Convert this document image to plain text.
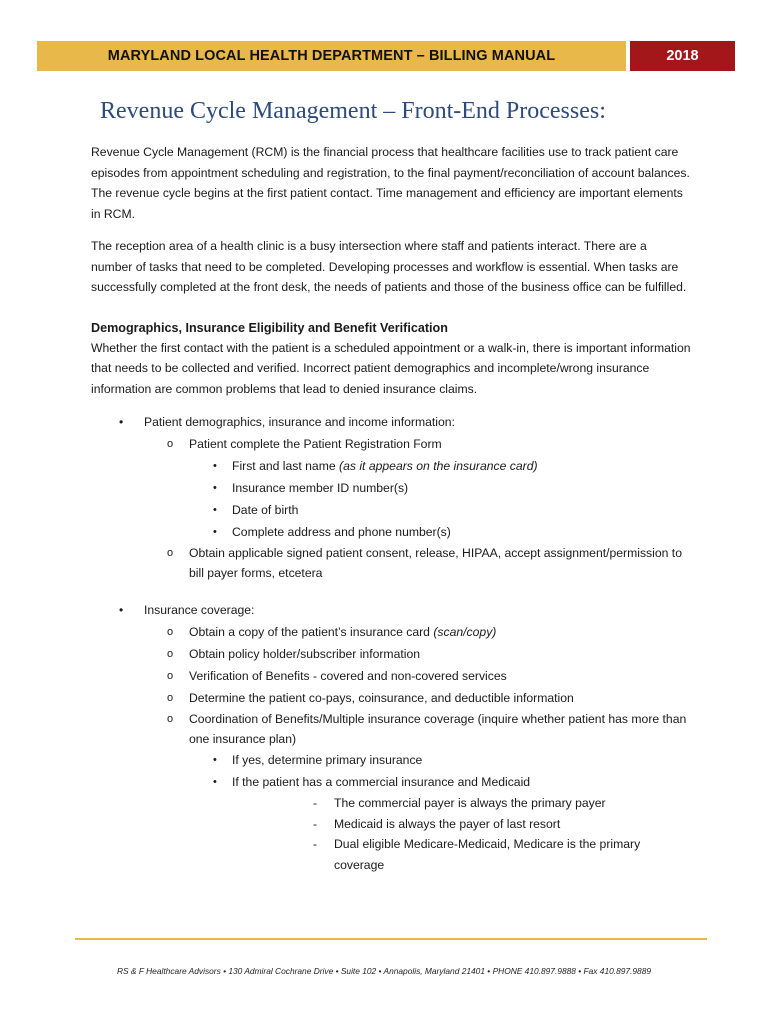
MARYLAND LOCAL HEALTH DEPARTMENT – BILLING MANUAL	2018
Revenue Cycle Management – Front-End Processes:

Revenue Cycle Management (RCM) is the financial process that healthcare facilities use to track patient care episodes from appointment scheduling and registration, to the final payment/reconciliation of account balances. The revenue cycle begins at the first patient contact. Time management and efficiency are important elements in RCM.

The reception area of a health clinic is a busy intersection where staff and patients interact. There are a number of tasks that need to be completed. Developing processes and workflow is essential. When tasks are successfully completed at the front desk, the needs of patients and those of the business office can be fulfilled.

Demographics, Insurance Eligibility and Benefit Verification

Whether the first contact with the patient is a scheduled appointment or a walk-in, there is important information that needs to be collected and verified. Incorrect patient demographics and incomplete/wrong insurance information are common problems that lead to denied insurance claims.

• Patient demographics, insurance and income information:
o Patient complete the Patient Registration Form
• First and last name (as it appears on the insurance card)
• Insurance member ID number(s)
• Date of birth
• Complete address and phone number(s)
o Obtain applicable signed patient consent, release, HIPAA, accept assignment/permission to bill payer forms, etcetera
• Insurance coverage:
o Obtain a copy of the patient’s insurance card (scan/copy)
o Obtain policy holder/subscriber information
o Verification of Benefits - covered and non-covered services
o Determine the patient co-pays, coinsurance, and deductible information
o Coordination of Benefits/Multiple insurance coverage (inquire whether patient has more than one insurance plan)
• If yes, determine primary insurance
• If the patient has a commercial insurance and Medicaid
- The commercial payer is always the primary payer
- Medicaid is always the payer of last resort
- Dual eligible Medicare-Medicaid, Medicare is the primary coverage
RS & F Healthcare Advisors • 130 Admiral Cochrane Drive • Suite 102 • Annapolis, Maryland 21401 • PHONE 410.897.9888 • Fax 410.897.9889
